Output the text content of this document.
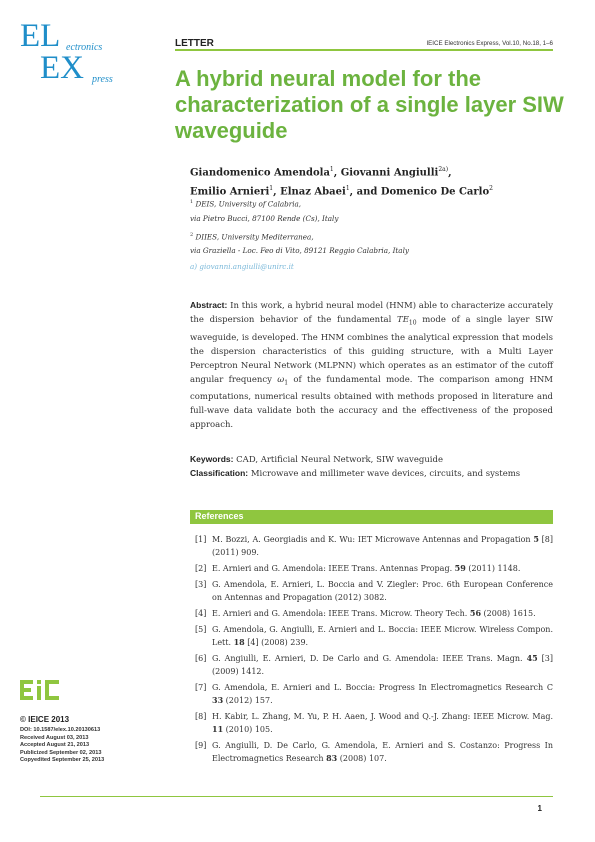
EL ectronics
EX press
LETTER	IEICE Electronics Express, Vol.10, No.18, 1–6
A hybrid neural model for the characterization of a single layer SIW waveguide
Giandomenico Amendola$^1$, Giovanni Angiulli$^{2a)}$,
Emilio Arnieri$^1$, Elnaz Abaei$^1$, and Domenico De Carlo$^2$
$^1$ DEIS, University of Calabria,
via Pietro Bucci, 87100 Rende (Cs), Italy
$^2$ DIIES, University Mediterranea,
via Graziella - Loc. Feo di Vito, 89121 Reggio Calabria, Italy
a) giovanni.angiulli@unirc.it
Abstract: In this work, a hybrid neural model (HNM) able to characterize accurately the dispersion behavior of the fundamental $TE_{10}$ mode of a single layer SIW waveguide, is developed. The HNM combines the analytical expression that models the dispersion characteristics of this guiding structure, with a Multi Layer Perceptron Neural Network (MLPNN) which operates as an estimator of the cutoff angular frequency $\omega_1$ of the fundamental mode. The comparison among HNM computations, numerical results obtained with methods proposed in literature and full-wave data validate both the accuracy and the effectiveness of the proposed approach.
Keywords: CAD, Artificial Neural Network, SIW waveguide
Classification: Microwave and millimeter wave devices, circuits, and systems
References
[1] M. Bozzi, A. Georgiadis and K. Wu: IET Microwave Antennas and Propagation 5 [8] (2011) 909.
[2] E. Arnieri and G. Amendola: IEEE Trans. Antennas Propag. 59 (2011) 1148.
[3] G. Amendola, E. Arnieri, L. Boccia and V. Ziegler: Proc. 6th European Conference on Antennas and Propagation (2012) 3082.
[4] E. Arnieri and G. Amendola: IEEE Trans. Microw. Theory Tech. 56 (2008) 1615.
[5] G. Amendola, G. Angiulli, E. Arnieri and L. Boccia: IEEE Microw. Wireless Compon. Lett. 18 [4] (2008) 239.
[6] G. Angiulli, E. Arnieri, D. De Carlo and G. Amendola: IEEE Trans. Magn. 45 [3] (2009) 1412.
[7] G. Amendola, E. Arnieri and L. Boccia: Progress In Electromagnetics Research C 33 (2012) 157.
[8] H. Kabir, L. Zhang, M. Yu, P. H. Aaen, J. Wood and Q.-J. Zhang: IEEE Microw. Mag. 11 (2010) 105.
[9] G. Angiulli, D. De Carlo, G. Amendola, E. Arnieri and S. Costanzo: Progress In Electromagnetics Research 83 (2008) 107.
© IEICE 2013
DOI: 10.1587/elex.10.20130613
Received August 03, 2013
Accepted August 21, 2013
Publicized September 02, 2013
Copyedited September 25, 2013
1
